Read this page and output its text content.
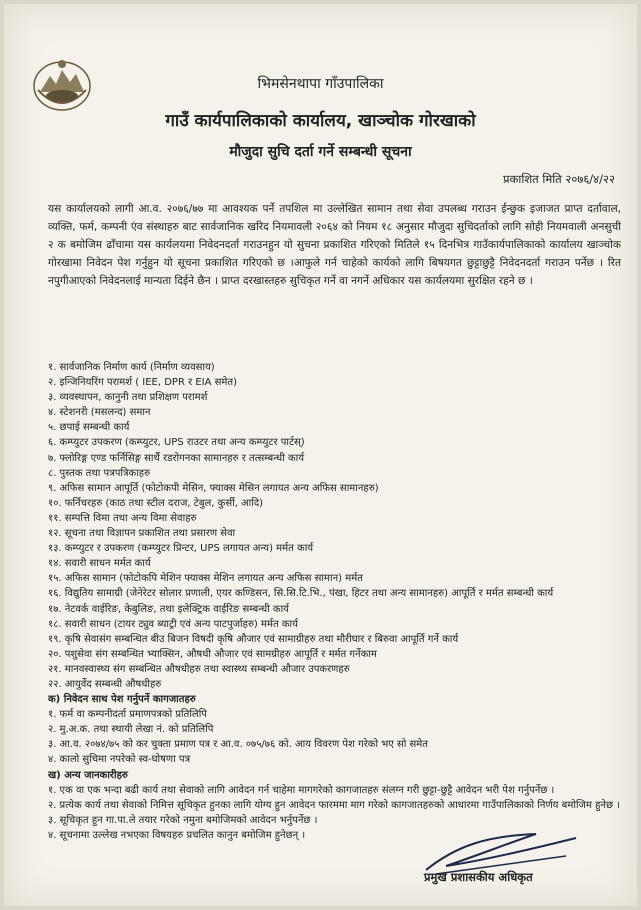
भिमसेनथापा गाँउपालिका
गाउँ कार्यपालिकाको कार्यालय, खाञ्चोक गोरखाको
मौजुदा सुचि दर्ता गर्ने सम्बन्धी सूचना
प्रकाशित मिति २०७६/४/२२
यस कार्यालयको लागी आ.व. २०७६/७७ मा आवश्यक पर्ने तपशिल मा उल्लेखित सामान तथा सेवा उपलब्ध गराउन ईन्छुक इजाजत प्राप्त दर्तावाल, व्यक्ति, फर्म, कम्पनी एंव संस्थाहरु बाट सार्वजानिक खरिद नियमावली २०६४ को नियम १८ अनुसार मौजुदा सुचिदर्ताको लागि सोही नियमवाली अनसुची २ क बमोजिम ढाँचामा यस कार्यलयमा निवेदनदर्ता गराउनहुन यो सुचना प्रकाशित गरिएको मितिले १५ दिनभित्र गाउँकार्यपालिकाको कार्यालय खाञ्चोक गोरखामा निवेदन पेश गर्नुहुन यो सूचना प्रकाशित गरिएको छ ।आफुले गर्न चाहेको कार्यको लागि बिषयगत छुट्टाछुट्टै निवेदनदर्ता गराउन पर्नेछ । रित नपुगीआएको निवेदनलाई मान्यता दिईने छैन । प्राप्त दरखास्तहरु सुचिकृत गर्ने वा नगर्ने अधिकार यस कार्यलयमा सुरक्षित रहने छ ।
१. सार्वजानिक निर्माण कार्य (निर्माण व्यवसाय)
२. इन्जिनियरिंग परामर्श ( IEE, DPR र EIA समेत)
३. व्यवस्थापन, कानुनी तथा प्रशिक्षण परामर्श
४. स्टेशनरी (मसलन्द) समान
५. छपाई सम्बन्धी कार्य
६. कम्प्युटर उपकरण (कम्प्युटर, UPS राउटर तथा अन्य कम्प्युटर पार्टस्)
७. फ्लोरिङ्ग एण्ड फर्निसिङ्ग सार्थै रडरोगनका सामानहरु र तत्सम्बन्धी कार्य
८. पुस्तक तथा पत्रपत्रिकाहरु
९. अफिस सामान आपूर्ति (फोटोकपी मेसिन, फ्याक्स मेसिन लगायत अन्य अफिस सामानहरु)
१०. फर्निचरहरु (काठ तथा स्टील दराज, टेबुल, कुर्सी, आदि)
११. सम्पत्ति विमा तथा अन्य विमा सेवाहरु
१२. सूचना तथा विज्ञापन प्रकाशित तथा प्रसारण सेवा
१३. कम्प्युटर र उपकरण (कम्प्युटर प्रिन्टर, UPS लगायत अन्य) मर्मत कार्य
१४. सवारी साधन मर्मत कार्य
१५. अफिस सामान (फोटोकपि मेशिन फ्याक्स मेशिन लगायत अन्य अफिस सामान) मर्मत
१६. विद्युतिय सामाग्री (जेनेरेटर सोलार प्रणाली, एयर कण्डिसन, सि.सि.टि.भि., पंखा, हिटर तथा अन्य सामानहरु) आपूर्ति र मर्मत सम्बन्धी कार्य
१७. नेटवर्क वाईरिङ, केबुलिङ, तथा इलेक्ट्रिक वाईरिङ सम्बन्धी कार्य
१८. सवारी साधन (टायर ट्युव ब्याट्री एवं अन्य पाटपुर्जाहरु) मर्मत कार्य
१९. कृषि सेवासंग सम्बन्धित बीउ बिजन विषदी कृषि औजार एवं सामाग्रीहरु तथा मौरीघार र बिरुवा आपूर्ति गर्ने कार्य
२०. पशुसेवा संग सम्बन्धित भ्याक्सिन, औषधी औजार एवं सामग्रीहरु आपूर्ति र मर्मत गर्नेकाम
२१. मानवस्वास्थ्य संग सम्बन्धित औषधीहरु तथा स्वास्थ्य सम्बन्धी औजार उपकरणहरु
२२. आयुर्वेद सम्बन्धी औषधीहरु
क) निवेदन साथ पेश गर्नुपर्ने कागजातहरु
१. फर्म वा कम्पनीदर्ता प्रमाणपत्रको प्रतिलिपि
२. मु.अ.क. तथा स्थायी लेखा नं. को प्रतिलिपि
३. आ.व. २०७४/७५ को कर चुक्ता प्रमाण पत्र र आ.व. ०७५/७६ को. आय विवरण पेश गरेको भए सो समेत
४. कालो सुचिमा नपरेको स्व-घोषणा पत्र
ख) अन्य जानकारीहरु
१. एक वा एक भन्दा बढी कार्य तथा सेवाको लागि आवेदन गर्न चाहेमा मागगरेको कागजातहरु संलग्न गरी छुट्टा-छुट्टै आवेदन भरी पेश गर्नुपर्नेछ ।
२. प्रत्येक कार्य तथा सेवाको निमित्त सूचिकृत हुनका लागि योग्य हुन आवेदन फारममा माग गरेको कागजातहरुको आधारमा गाउँपालिकाको निर्णय बमोजिम हुनेछ ।
३. सूचिकृत हुन गा.पा.ले तयार गरेको नमुना बमोजिमको आवेदन भर्नुपर्नेछ ।
४. सूचनामा उल्लेख नभएका विषयहरु प्रचलित कानुन बमोजिम हुनेछन् ।
प्रमुख प्रशासकीय अधिकृत
